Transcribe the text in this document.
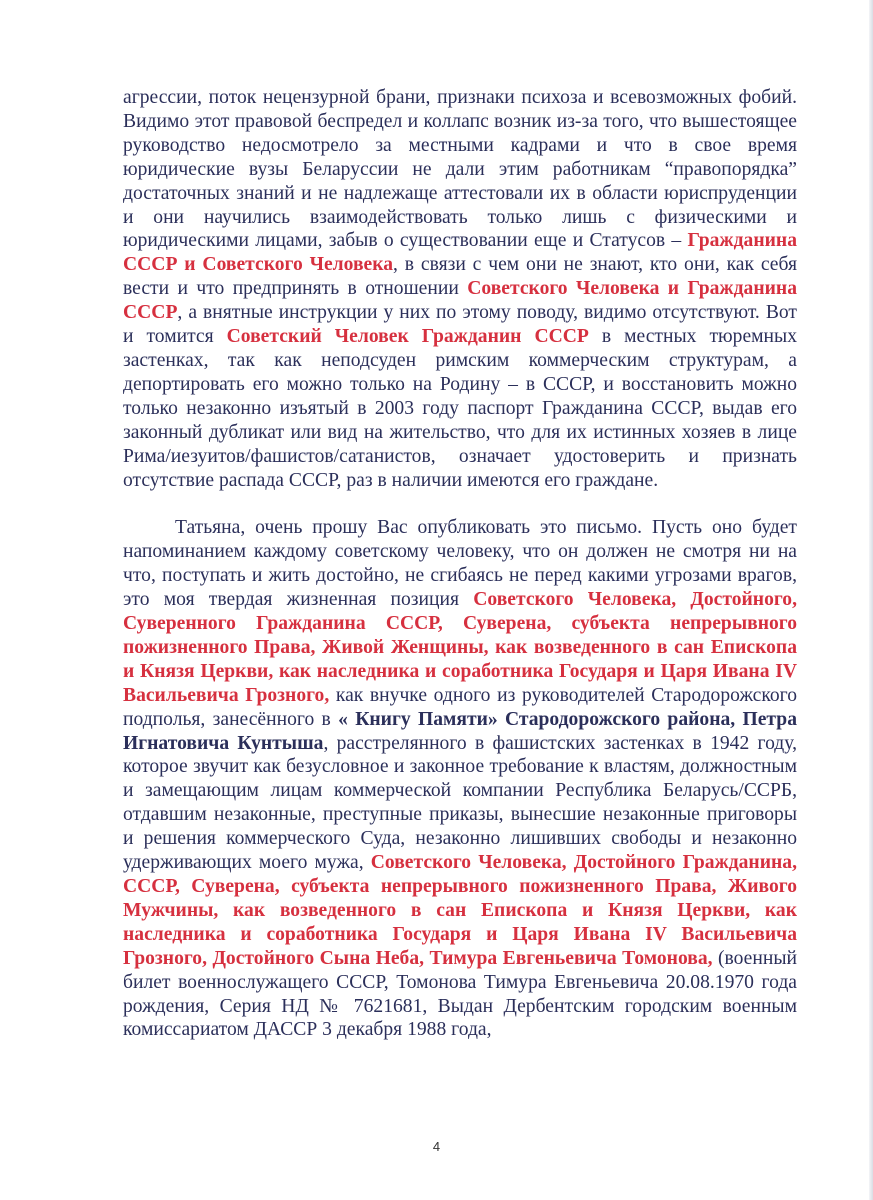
агрессии, поток нецензурной брани, признаки психоза и всевозможных фобий. Видимо этот правовой беспредел и коллапс возник из-за того, что вышестоящее руководство недосмотрело за местными кадрами и что в свое время юридические вузы Беларуссии не дали этим работникам “правопорядка” достаточных знаний и не надлежаще аттестовали их в области юриспруденции и они научились взаимодействовать только лишь с физическими и юридическими лицами, забыв о существовании еще и Статусов – Гражданина СССР и Советского Человека, в связи с чем они не знают, кто они, как себя вести и что предпринять в отношении Советского Человека и Гражданина СССР, а внятные инструкции у них по этому поводу, видимо отсутствуют. Вот и томится Советский Человек Гражданин СССР в местных тюремных застенках, так как неподсуден римским коммерческим структурам, а депортировать его можно только на Родину – в СССР, и восстановить можно только незаконно изъятый в 2003 году паспорт Гражданина СССР, выдав его законный дубликат или вид на жительство, что для их истинных хозяев в лице Рима/иезуитов/фашистов/сатанистов, означает удостоверить и признать отсутствие распада СССР, раз в наличии имеются его граждане.

Татьяна, очень прошу Вас опубликовать это письмо. Пусть оно будет напоминанием каждому советскому человеку, что он должен не смотря ни на что, поступать и жить достойно, не сгибаясь не перед какими угрозами врагов, это моя твердая жизненная позиция Советского Человека, Достойного, Суверенного Гражданина СССР, Суверена, субъекта непрерывного пожизненного Права, Живой Женщины, как возведенного в сан Епископа и Князя Церкви, как наследника и соработника Государя и Царя Ивана IV Васильевича Грозного, как внучке одного из руководителей Стародорожского подполья, занесённого в « Книгу Памяти» Стародорожского района, Петра Игнатовича Кунтыша, расстрелянного в фашистских застенках в 1942 году, которое звучит как безусловное и законное требование к властям, должностным и замещающим лицам коммерческой компании Республика Беларусь/ССРБ, отдавшим незаконные, преступные приказы, вынесшие незаконные приговоры и решения коммерческого Суда, незаконно лишивших свободы и незаконно удерживающих моего мужа, Советского Человека, Достойного Гражданина, СССР, Суверена, субъекта непрерывного пожизненного Права, Живого Мужчины, как возведенного в сан Епископа и Князя Церкви, как наследника и соработника Государя и Царя Ивана IV Васильевича Грозного, Достойного Сына Неба, Тимура Евгеньевича Томонова, (военный билет военнослужащего СССР, Томонова Тимура Евгеньевича 20.08.1970 года рождения, Серия НД № 7621681, Выдан Дербентским городским военным комиссариатом ДАССР 3 декабря 1988 года,

4
